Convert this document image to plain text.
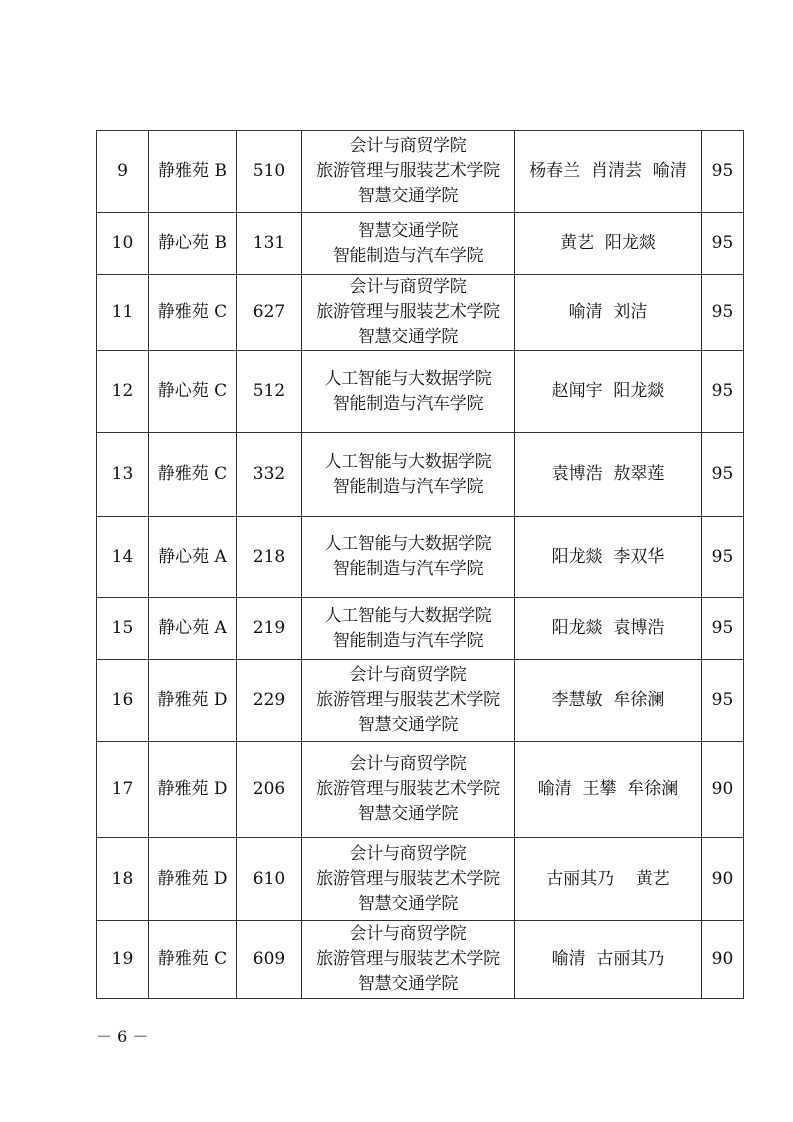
9	静雅苑 B	510	会计与商贸学院
旅游管理与服装艺术学院
智慧交通学院	杨春兰  肖清芸  喻清	95
10	静心苑 B	131	智慧交通学院
智能制造与汽车学院	黄艺  阳龙燚	95
11	静雅苑 C	627	会计与商贸学院
旅游管理与服装艺术学院
智慧交通学院	喻清  刘洁	95
12	静心苑 C	512	人工智能与大数据学院
智能制造与汽车学院	赵闻宇  阳龙燚	95
13	静雅苑 C	332	人工智能与大数据学院
智能制造与汽车学院	袁博浩  敖翠莲	95
14	静心苑 A	218	人工智能与大数据学院
智能制造与汽车学院	阳龙燚  李双华	95
15	静心苑 A	219	人工智能与大数据学院
智能制造与汽车学院	阳龙燚  袁博浩	95
16	静雅苑 D	229	会计与商贸学院
旅游管理与服装艺术学院
智慧交通学院	李慧敏  牟徐澜	95
17	静雅苑 D	206	会计与商贸学院
旅游管理与服装艺术学院
智慧交通学院	喻清  王攀  牟徐澜	90
18	静雅苑 D	610	会计与商贸学院
旅游管理与服装艺术学院
智慧交通学院	古丽其乃    黄艺	90
19	静雅苑 C	609	会计与商贸学院
旅游管理与服装艺术学院
智慧交通学院	喻清  古丽其乃	90
－ 6 －
